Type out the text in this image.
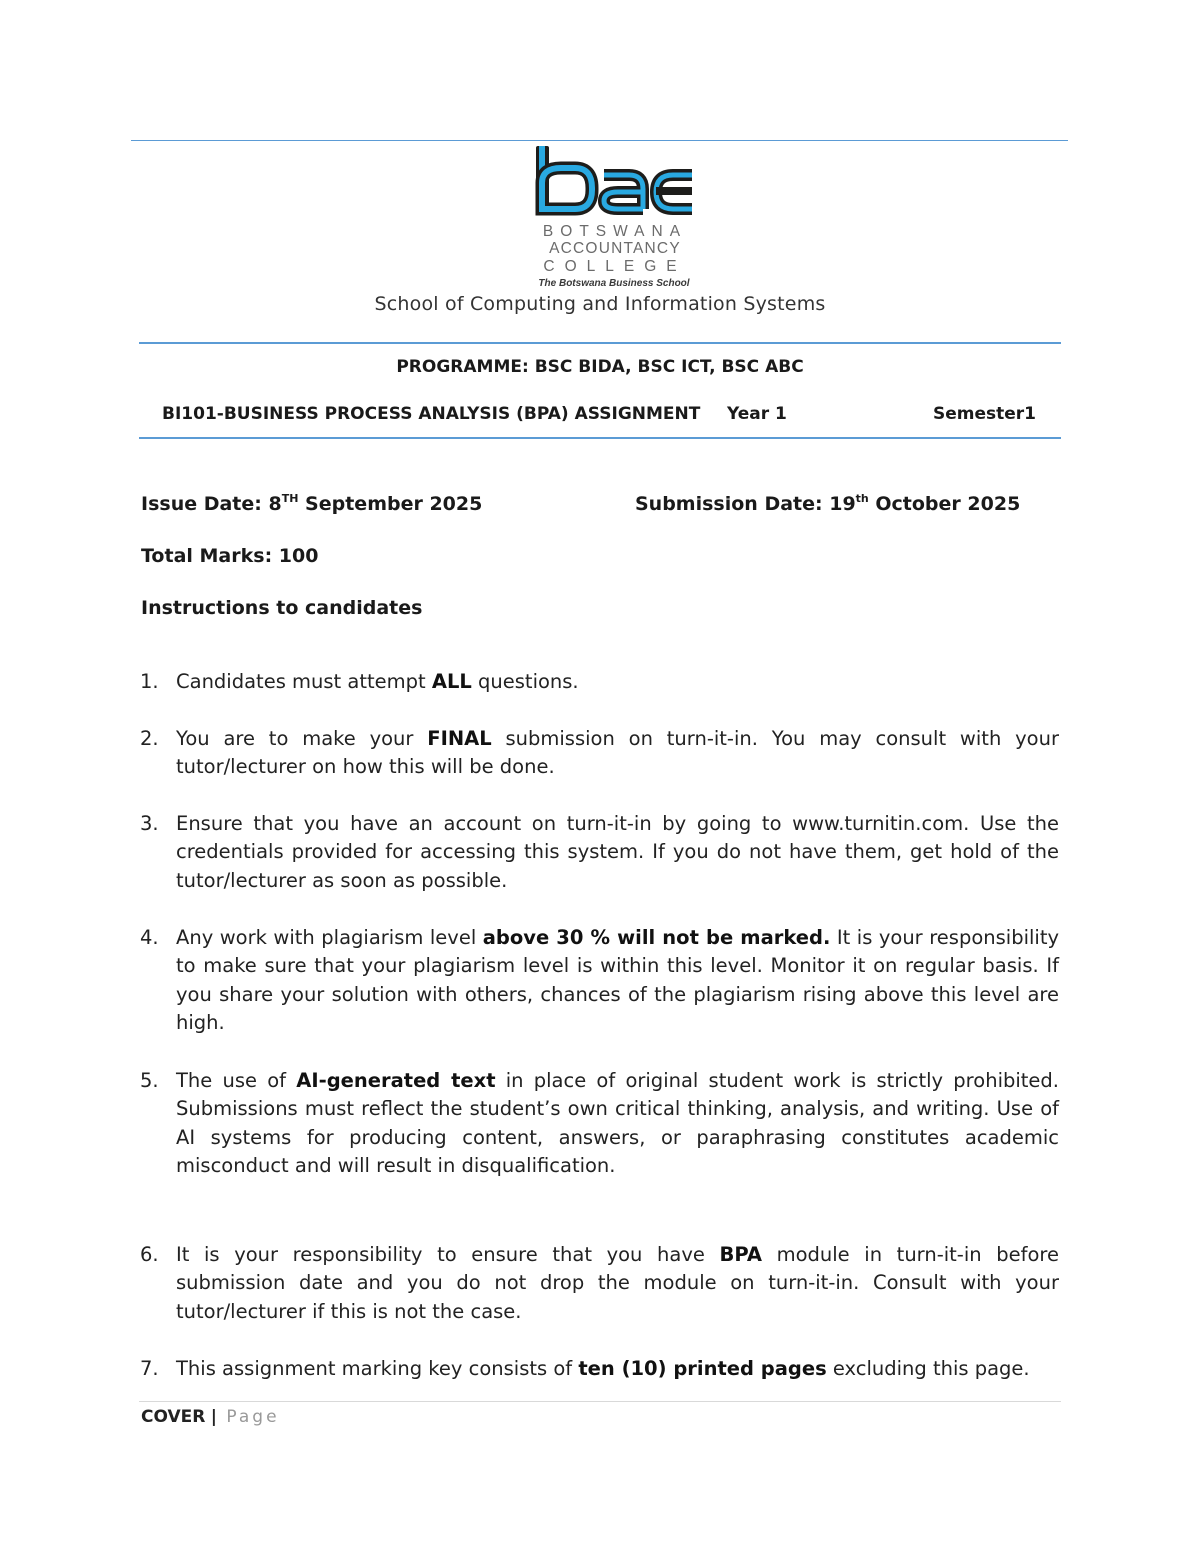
BOTSWANA
ACCOUNTANCY
COLLEGE
The Botswana Business School
School of Computing and Information Systems
PROGRAMME: BSC BIDA, BSC ICT, BSC ABC
BI101-BUSINESS PROCESS ANALYSIS (BPA) ASSIGNMENT Year 1	Semester1
Issue Date: 8TH September 2025	Submission Date: 19th October 2025
Total Marks: 100
Instructions to candidates
1. Candidates must attempt ALL questions.
2. You are to make your FINAL submission on turn-it-in. You may consult with your tutor/lecturer on how this will be done.
3. Ensure that you have an account on turn-it-in by going to www.turnitin.com. Use the credentials provided for accessing this system. If you do not have them, get hold of the tutor/lecturer as soon as possible.
4. Any work with plagiarism level above 30 % will not be marked. It is your responsibility to make sure that your plagiarism level is within this level. Monitor it on regular basis. If you share your solution with others, chances of the plagiarism rising above this level are high.
5. The use of AI-generated text in place of original student work is strictly prohibited. Submissions must reflect the student’s own critical thinking, analysis, and writing. Use of AI systems for producing content, answers, or paraphrasing constitutes academic misconduct and will result in disqualification.
6. It is your responsibility to ensure that you have BPA module in turn-it-in before submission date and you do not drop the module on turn-it-in. Consult with your tutor/lecturer if this is not the case.
7. This assignment marking key consists of ten (10) printed pages excluding this page.
COVER | Page
